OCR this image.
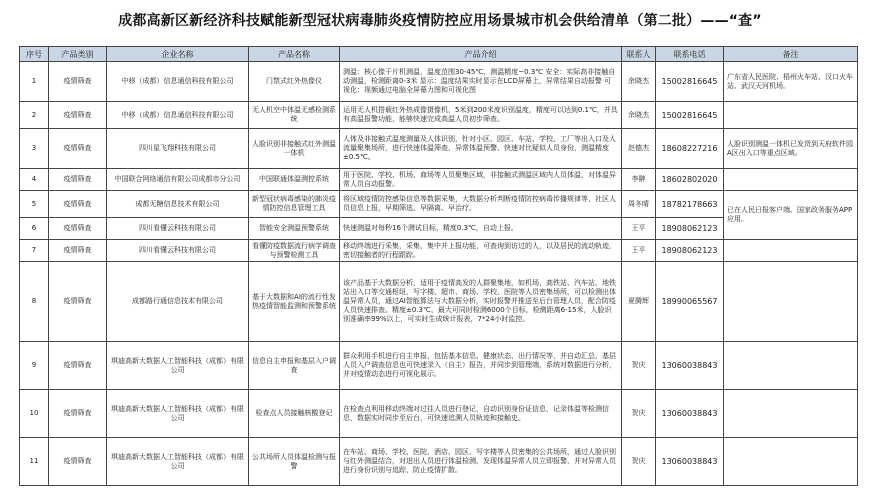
成都高新区新经济科技赋能新型冠状病毒肺炎疫情防控应用场景城市机会供给清单（第二批）——“查”
序号	产品类别	企业名称	产品名称	产品介绍	联系人	联系电话	备注
1	疫情筛查	中移（成都）信息通信科技有限公司	门禁式红外热像仪	测温：核心像干片机测温，温度范围30-45℃，测温精度~0.3℃ 安全：实际高非接触自动测温，检测距离0-3米 显示：温度结果实时显示在LCD屏幕上，异常结果自动报警 可视化：视频通过电脑全屏幕力图和可视化图	余晓杰	15002816645	广东省人民医院、梧州火车站、汉口火车站、武汉天河机场。
2	疫情筛查	中移（成都）信息通信科技有限公司	无人机空中体温无感检测系统	运用无人机搭载红外热成像摄像机，5米到200米度识别温度，精度可以达到0.1℃，并具有高温报警功能，能够快速完成高温人员初步筛查。	余晓杰	15002816645	
3	疫情筛查	四川星飞翔科技有限公司	人脸识别非接触式红外测温一体机	人体及非接触式温度测量及人体识别，针对小区、园区、车站、学校、工厂等出入口及人流量聚集场所，进行快速体温筛查、异常体温预警、快速对比疑似人员身份，测温精度±0.5℃。	赵德杰	18608227216	人脸识别测温一体机已发货到天府软件园A区出入口等重点区域。
4	疫情筛查	中国联合网络通信有限公司成都市分公司	中国联通体温测控系统	用于医院、学校、机场、商场等人员聚集区域，非接触式测温区域内人员体温，对体温异常人员自动报警。	李翀	18602802020	
5	疫情筛查	成都无糖信息技术有限公司	新型冠状病毒感染的肺炎疫情防控信息管理工具	将区域疫情防控感染信息等数据采集，大数据分析判断疫情防控病毒传播规律等，社区人员信息上报，早期筛选、早隔离、早治疗。	周冬晴	18782178663	已在人民日报客户端、国家政务服务APP应用。
6	疫情筛查	四川看懂云科技有限公司	智能安全测温预警系统	快速测温对每秒16个测试目标，精度0.3℃，自动上报。	王平	18908062123	
7	疫情筛查	四川看懂云科技有限公司	看懂防疫数据流行病学调查与预警检测工具	移动终端进行采集，采集、集中并上报功能，可查询到访过的人，以及居民的流动轨迹，密切接触者的行程跟踪。	王平	18908062123	
8	疫情筛查	成都路行通信息技术有限公司	基于大数据和AI的流行性发热疫情智能监测和预警系统	该产品基于大数据分析，适用于疫情高发的人群聚集地，如机场、高铁站、汽车站、地铁站出入口等交通枢纽，写字楼、超市、商场、学校、医院等人员密集场所，可以检测出体温异常人员，通过AI智能算法与大数据分析，实时报警并推送至后台管理人员，配合防疫人员快速排查。精度±0.3℃，最大可同时检测6000个目标，检测距离6-15米，人脸识别准确率99%以上，可实时生成统计报表，7*24小时监控。	夏腾辉	18990065567	
9	疫情筛查	琪迪高新大数据人工智能科技（成都）有限公司	信息自主申报和基层入户调查	群众利用手机进行自主申报，包括基本信息、健康状态、出行情况等，并自动汇总，基层人员入户调查信息也可快速录入（自主）报告，并同步到管理端，系统对数据进行分析，并对疫情动态进行可视化展示。	贺庆	13060038843	
10	疫情筛查	琪迪高新大数据人工智能科技（成都）有限公司	检查点人员接触核酸登记	在检查点利用移动终端对过往人员进行登记，自动识别身份证信息，记录体温等检测信息，数据实时同步至后台，可快速追溯人员轨迹和接触史。	贺庆	13060038843	
11	疫情筛查	琪迪高新大数据人工智能科技（成都）有限公司	公共场所人员体温检测与报警	在车站、商场、学校、医院、酒店、园区、写字楼等人员密集的公共场所，通过人脸识别与红外测温结合，对进出人员进行体温检测，发现体温异常人员立即报警，并对异常人员进行身份识别与追踪，防止疫情扩散。	贺庆	13060038843	
